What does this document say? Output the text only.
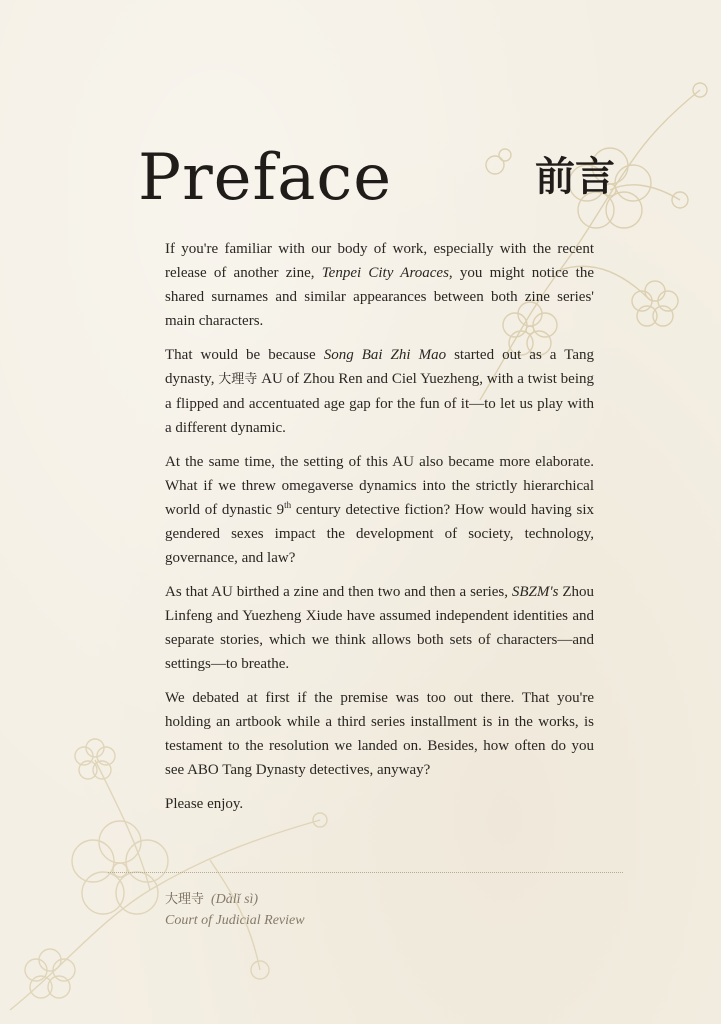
Preface	前言

If you're familiar with our body of work, especially with the recent release of another zine, Tenpei City Aroaces, you might notice the shared surnames and similar appearances between both zine series' main characters.

That would be because Song Bai Zhi Mao started out as a Tang dynasty, 大理寺 AU of Zhou Ren and Ciel Yuezheng, with a twist being a flipped and accentuated age gap for the fun of it—to let us play with a different dynamic.

At the same time, the setting of this AU also became more elaborate. What if we threw omegaverse dynamics into the strictly hierarchical world of dynastic 9th century detective fiction? How would having six gendered sexes impact the development of society, technology, governance, and law?

As that AU birthed a zine and then two and then a series, SBZM's Zhou Linfeng and Yuezheng Xiude have assumed independent identities and separate stories, which we think allows both sets of characters—and settings—to breathe.

We debated at first if the premise was too out there. That you're holding an artbook while a third series installment is in the works, is testament to the resolution we landed on. Besides, how often do you see ABO Tang Dynasty detectives, anyway?

Please enjoy.

大理寺 (Dàlǐ sì)
Court of Judicial Review
